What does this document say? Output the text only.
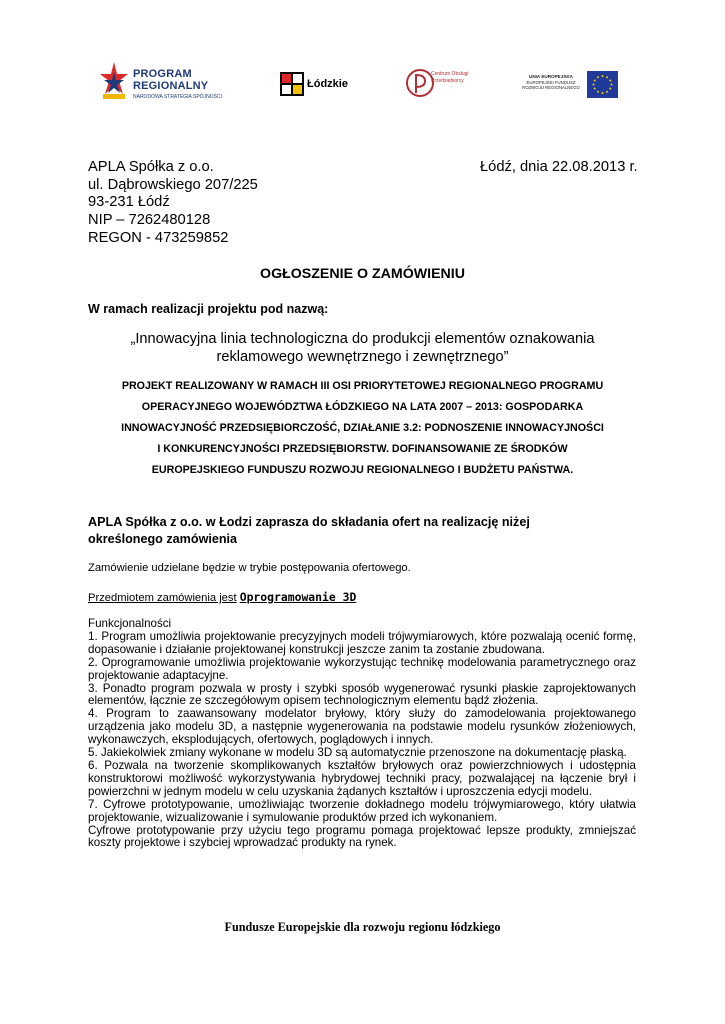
PROGRAM
REGIONALNY
NARODOWA STRATEGIA SPÓJNOŚCI
Łódzkie
Centrum Obsługi Przedsiębiorcy
UNIA EUROPEJSKA
EUROPEJSKI FUNDUSZ
ROZWOJU REGIONALNEGO
APLA Spółka z o.o.
ul. Dąbrowskiego 207/225
93-231 Łódź
NIP – 7262480128
REGON - 473259852
Łódź, dnia 22.08.2013 r.
OGŁOSZENIE O ZAMÓWIENIU
W ramach realizacji projektu pod nazwą:
„Innowacyjna linia technologiczna do produkcji elementów oznakowania
reklamowego wewnętrznego i zewnętrznego”
PROJEKT REALIZOWANY W RAMACH III OSI PRIORYTETOWEJ REGIONALNEGO PROGRAMU
OPERACYJNEGO WOJEWÓDZTWA ŁÓDZKIEGO NA LATA 2007 – 2013: GOSPODARKA
INNOWACYJNOŚĆ PRZEDSIĘBIORCZOŚĆ, DZIAŁANIE 3.2: PODNOSZENIE INNOWACYJNOŚCI
I KONKURENCYJNOŚCI PRZEDSIĘBIORSTW. DOFINANSOWANIE ZE ŚRODKÓW
EUROPEJSKIEGO FUNDUSZU ROZWOJU REGIONALNEGO I BUDŻETU PAŃSTWA.
APLA Spółka z o.o. w Łodzi zaprasza do składania ofert na realizację niżej
określonego zamówienia
Zamówienie udzielane będzie w trybie postępowania ofertowego.
Przedmiotem zamówienia jest Oprogramowanie 3D

Funkcjonalności

1. Program umożliwia projektowanie precyzyjnych modeli trójwymiarowych, które pozwalają ocenić formę, dopasowanie i działanie projektowanej konstrukcji jeszcze zanim ta zostanie zbudowana.

2. Oprogramowanie umożliwia projektowanie wykorzystując technikę modelowania parametrycznego oraz projektowanie adaptacyjne.

3. Ponadto program pozwala w prosty i szybki sposób wygenerować rysunki płaskie zaprojektowanych elementów, łącznie ze szczegółowym opisem technologicznym elementu bądź złożenia.

4. Program to zaawansowany modelator bryłowy, który służy do zamodelowania projektowanego urządzenia jako modelu 3D, a następnie wygenerowania na podstawie modelu rysunków złożeniowych, wykonawczych, eksplodujących, ofertowych, poglądowych i innych.

5. Jakiekolwiek zmiany wykonane w modelu 3D są automatycznie przenoszone na dokumentację płaską.

6. Pozwala na tworzenie skomplikowanych kształtów bryłowych oraz powierzchniowych i udostępnia konstruktorowi możliwość wykorzystywania hybrydowej techniki pracy, pozwalającej na łączenie brył i powierzchni w jednym modelu w celu uzyskania żądanych kształtów i uproszczenia edycji modelu.

7. Cyfrowe prototypowanie, umożliwiając tworzenie dokładnego modelu trójwymiarowego, który ułatwia projektowanie, wizualizowanie i symulowanie produktów przed ich wykonaniem.

Cyfrowe prototypowanie przy użyciu tego programu pomaga projektować lepsze produkty, zmniejszać koszty projektowe i szybciej wprowadzać produkty na rynek.

Fundusze Europejskie dla rozwoju regionu łódzkiego
